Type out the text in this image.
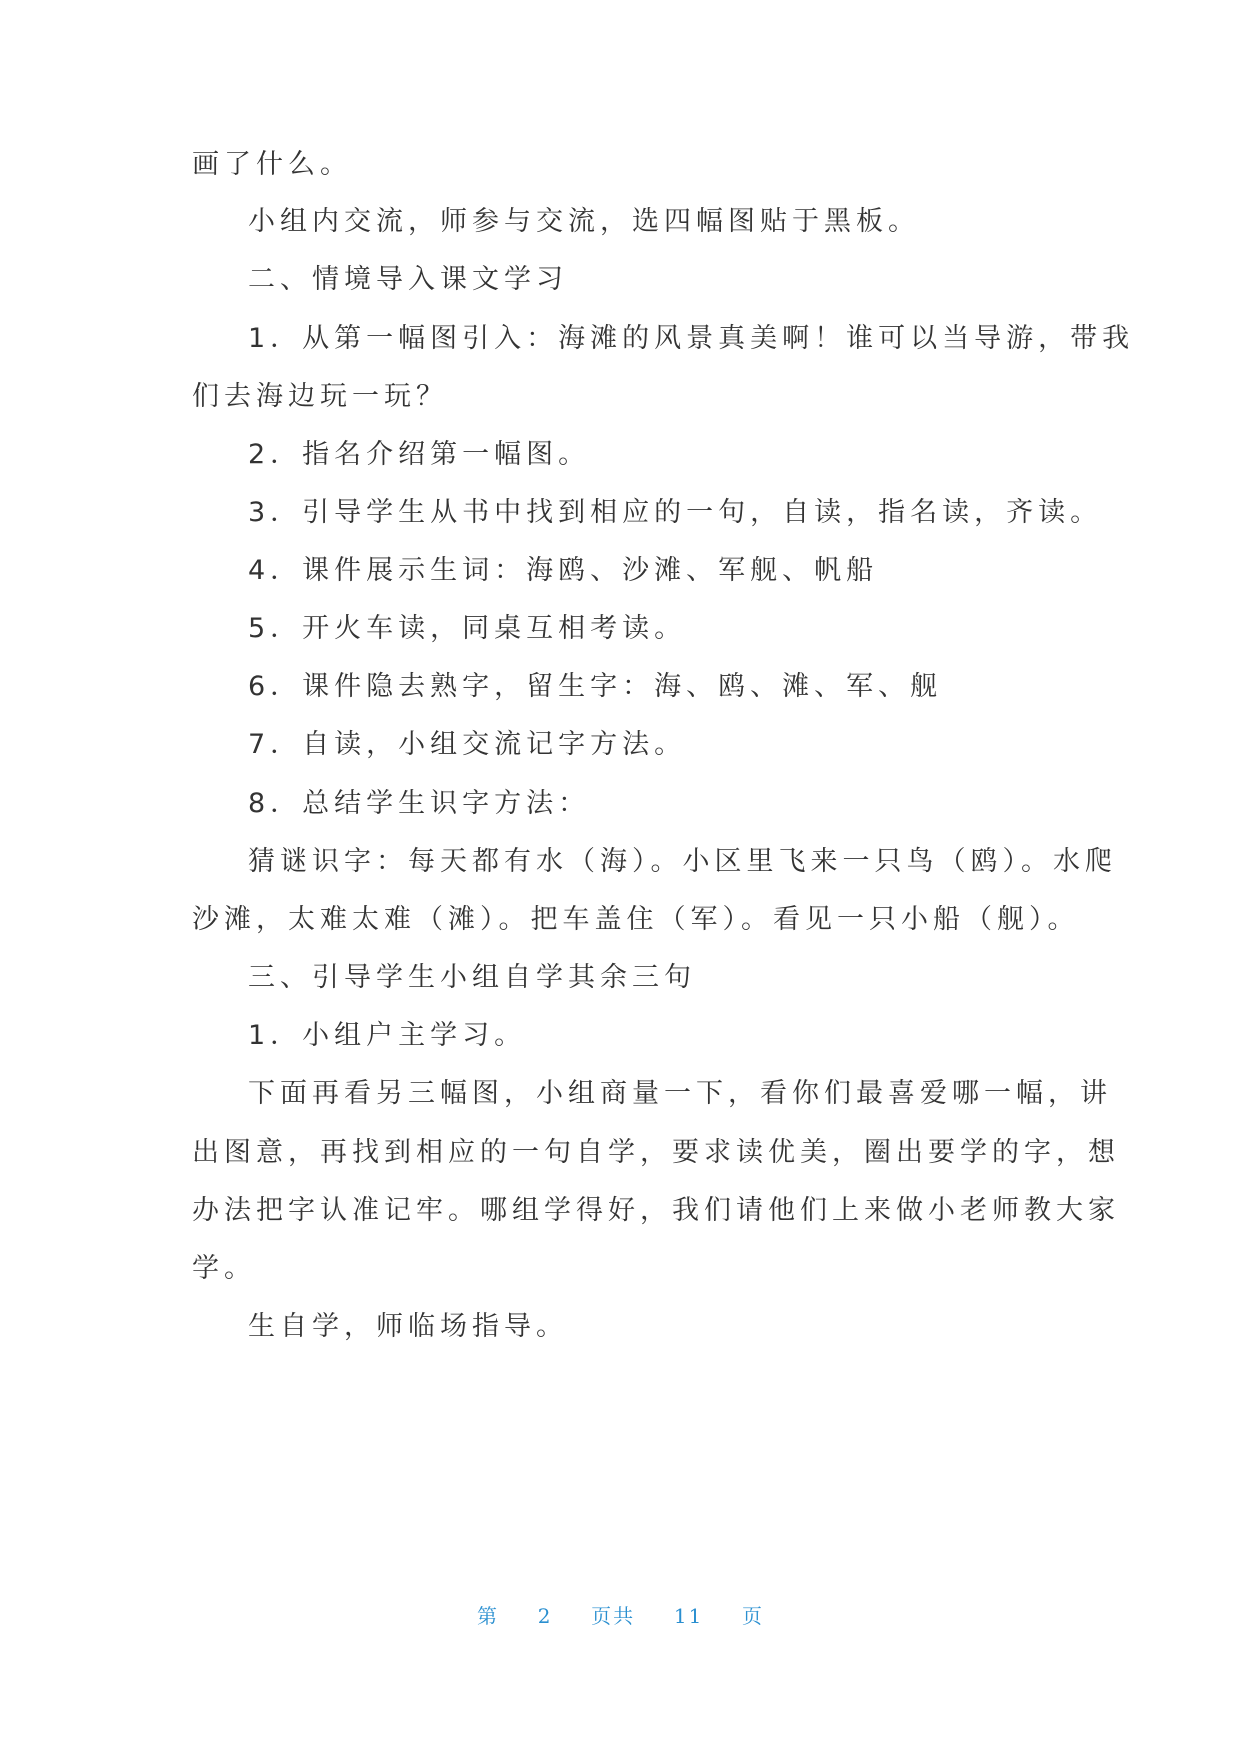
画了什么。
小组内交流，师参与交流，选四幅图贴于黑板。
二、情境导入课文学习
1．从第一幅图引入：海滩的风景真美啊！谁可以当导游，带我
们去海边玩一玩？
2．指名介绍第一幅图。
3．引导学生从书中找到相应的一句，自读，指名读，齐读。
4．课件展示生词：海鸥、沙滩、军舰、帆船
5．开火车读，同桌互相考读。
6．课件隐去熟字，留生字：海、鸥、滩、军、舰
7．自读，小组交流记字方法。
8．总结学生识字方法：
猜谜识字：每天都有水（海）。小区里飞来一只鸟（鸥）。水爬
沙滩，太难太难（滩）。把车盖住（军）。看见一只小船（舰）。
三、引导学生小组自学其余三句
1．小组户主学习。
下面再看另三幅图，小组商量一下，看你们最喜爱哪一幅，讲
出图意，再找到相应的一句自学，要求读优美，圈出要学的字，想
办法把字认准记牢。哪组学得好，我们请他们上来做小老师教大家
学。
生自学，师临场指导。
第 2 页共 11 页
